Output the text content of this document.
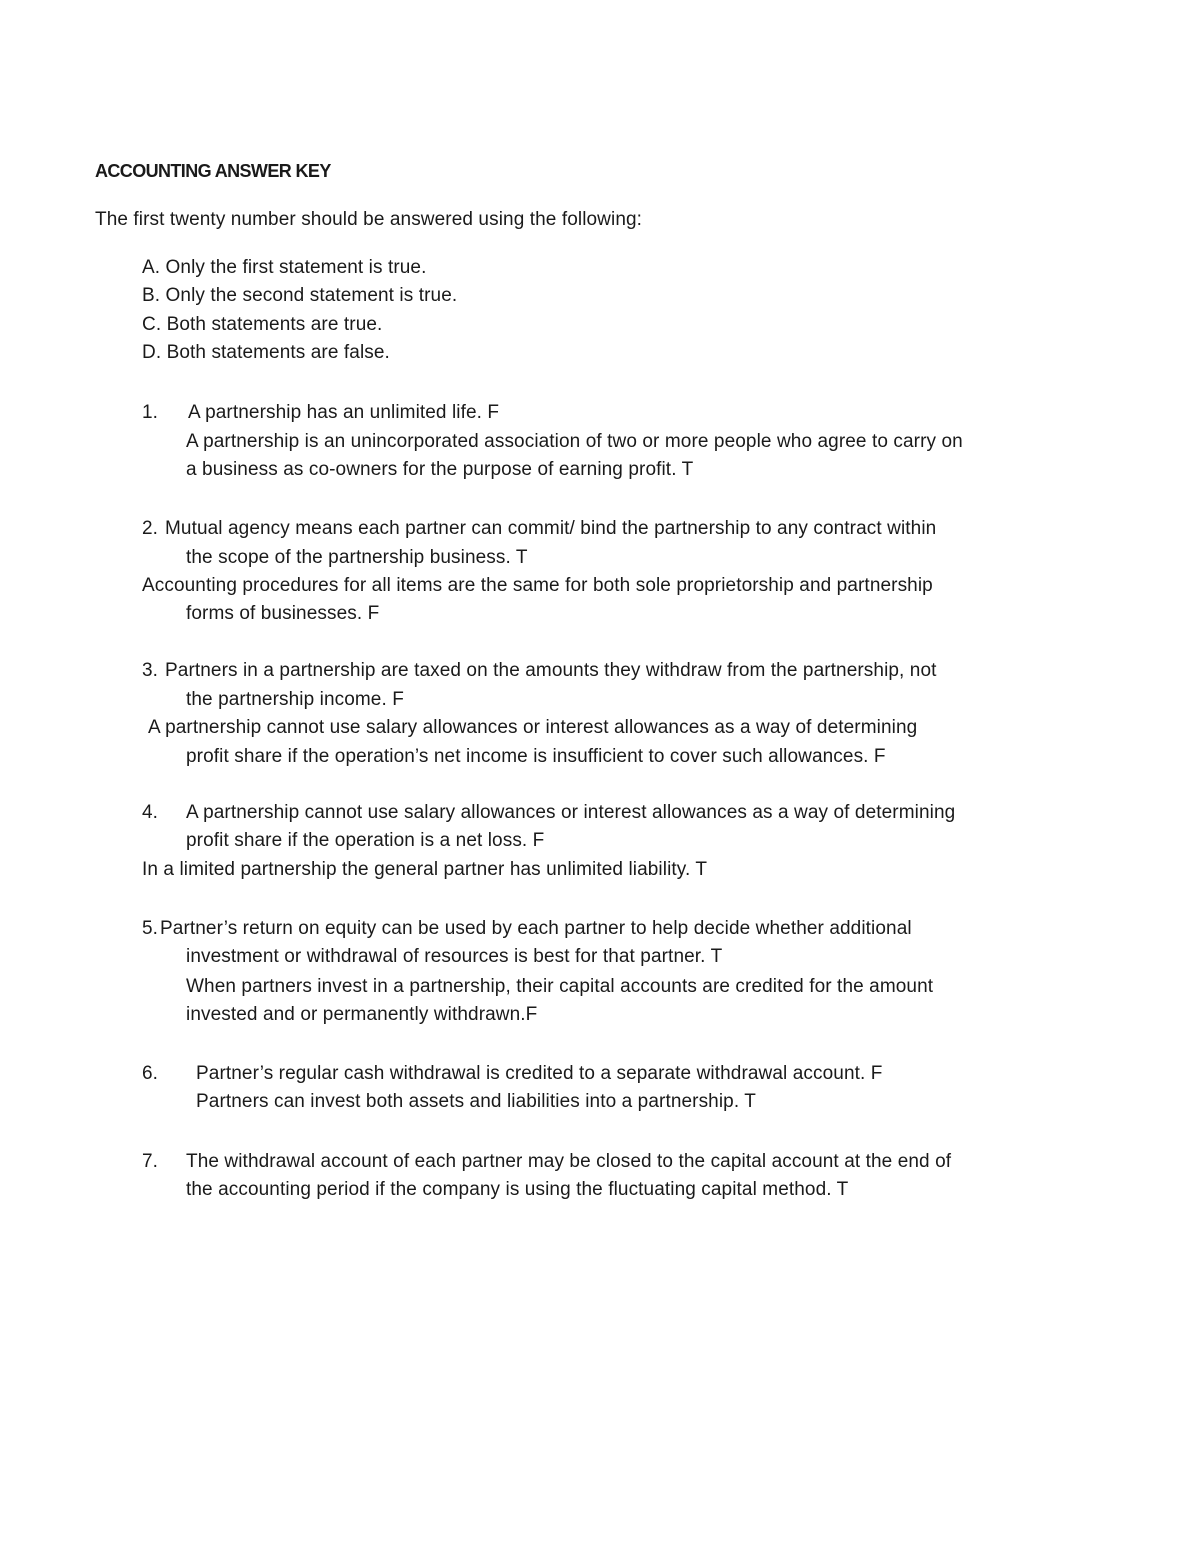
ACCOUNTING ANSWER KEY
The first twenty number should be answered using the following:
A. Only the first statement is true.
B. Only the second statement is true.
C. Both statements are true.
D. Both statements are false.
1. A partnership has an unlimited life. F
A partnership is an unincorporated association of two or more people who agree to carry on
a business as co-owners for the purpose of earning profit. T
2. Mutual agency means each partner can commit/ bind the partnership to any contract within
the scope of the partnership business. T
Accounting procedures for all items are the same for both sole proprietorship and partnership
forms of businesses. F
3. Partners in a partnership are taxed on the amounts they withdraw from the partnership, not
the partnership income. F
A partnership cannot use salary allowances or interest allowances as a way of determining
profit share if the operation’s net income is insufficient to cover such allowances. F
4. A partnership cannot use salary allowances or interest allowances as a way of determining
profit share if the operation is a net loss. F
In a limited partnership the general partner has unlimited liability. T
5. Partner’s return on equity can be used by each partner to help decide whether additional
investment or withdrawal of resources is best for that partner. T
When partners invest in a partnership, their capital accounts are credited for the amount
invested and or permanently withdrawn.F
6. Partner’s regular cash withdrawal is credited to a separate withdrawal account. F
Partners can invest both assets and liabilities into a partnership. T
7. The withdrawal account of each partner may be closed to the capital account at the end of
the accounting period if the company is using the fluctuating capital method. T
